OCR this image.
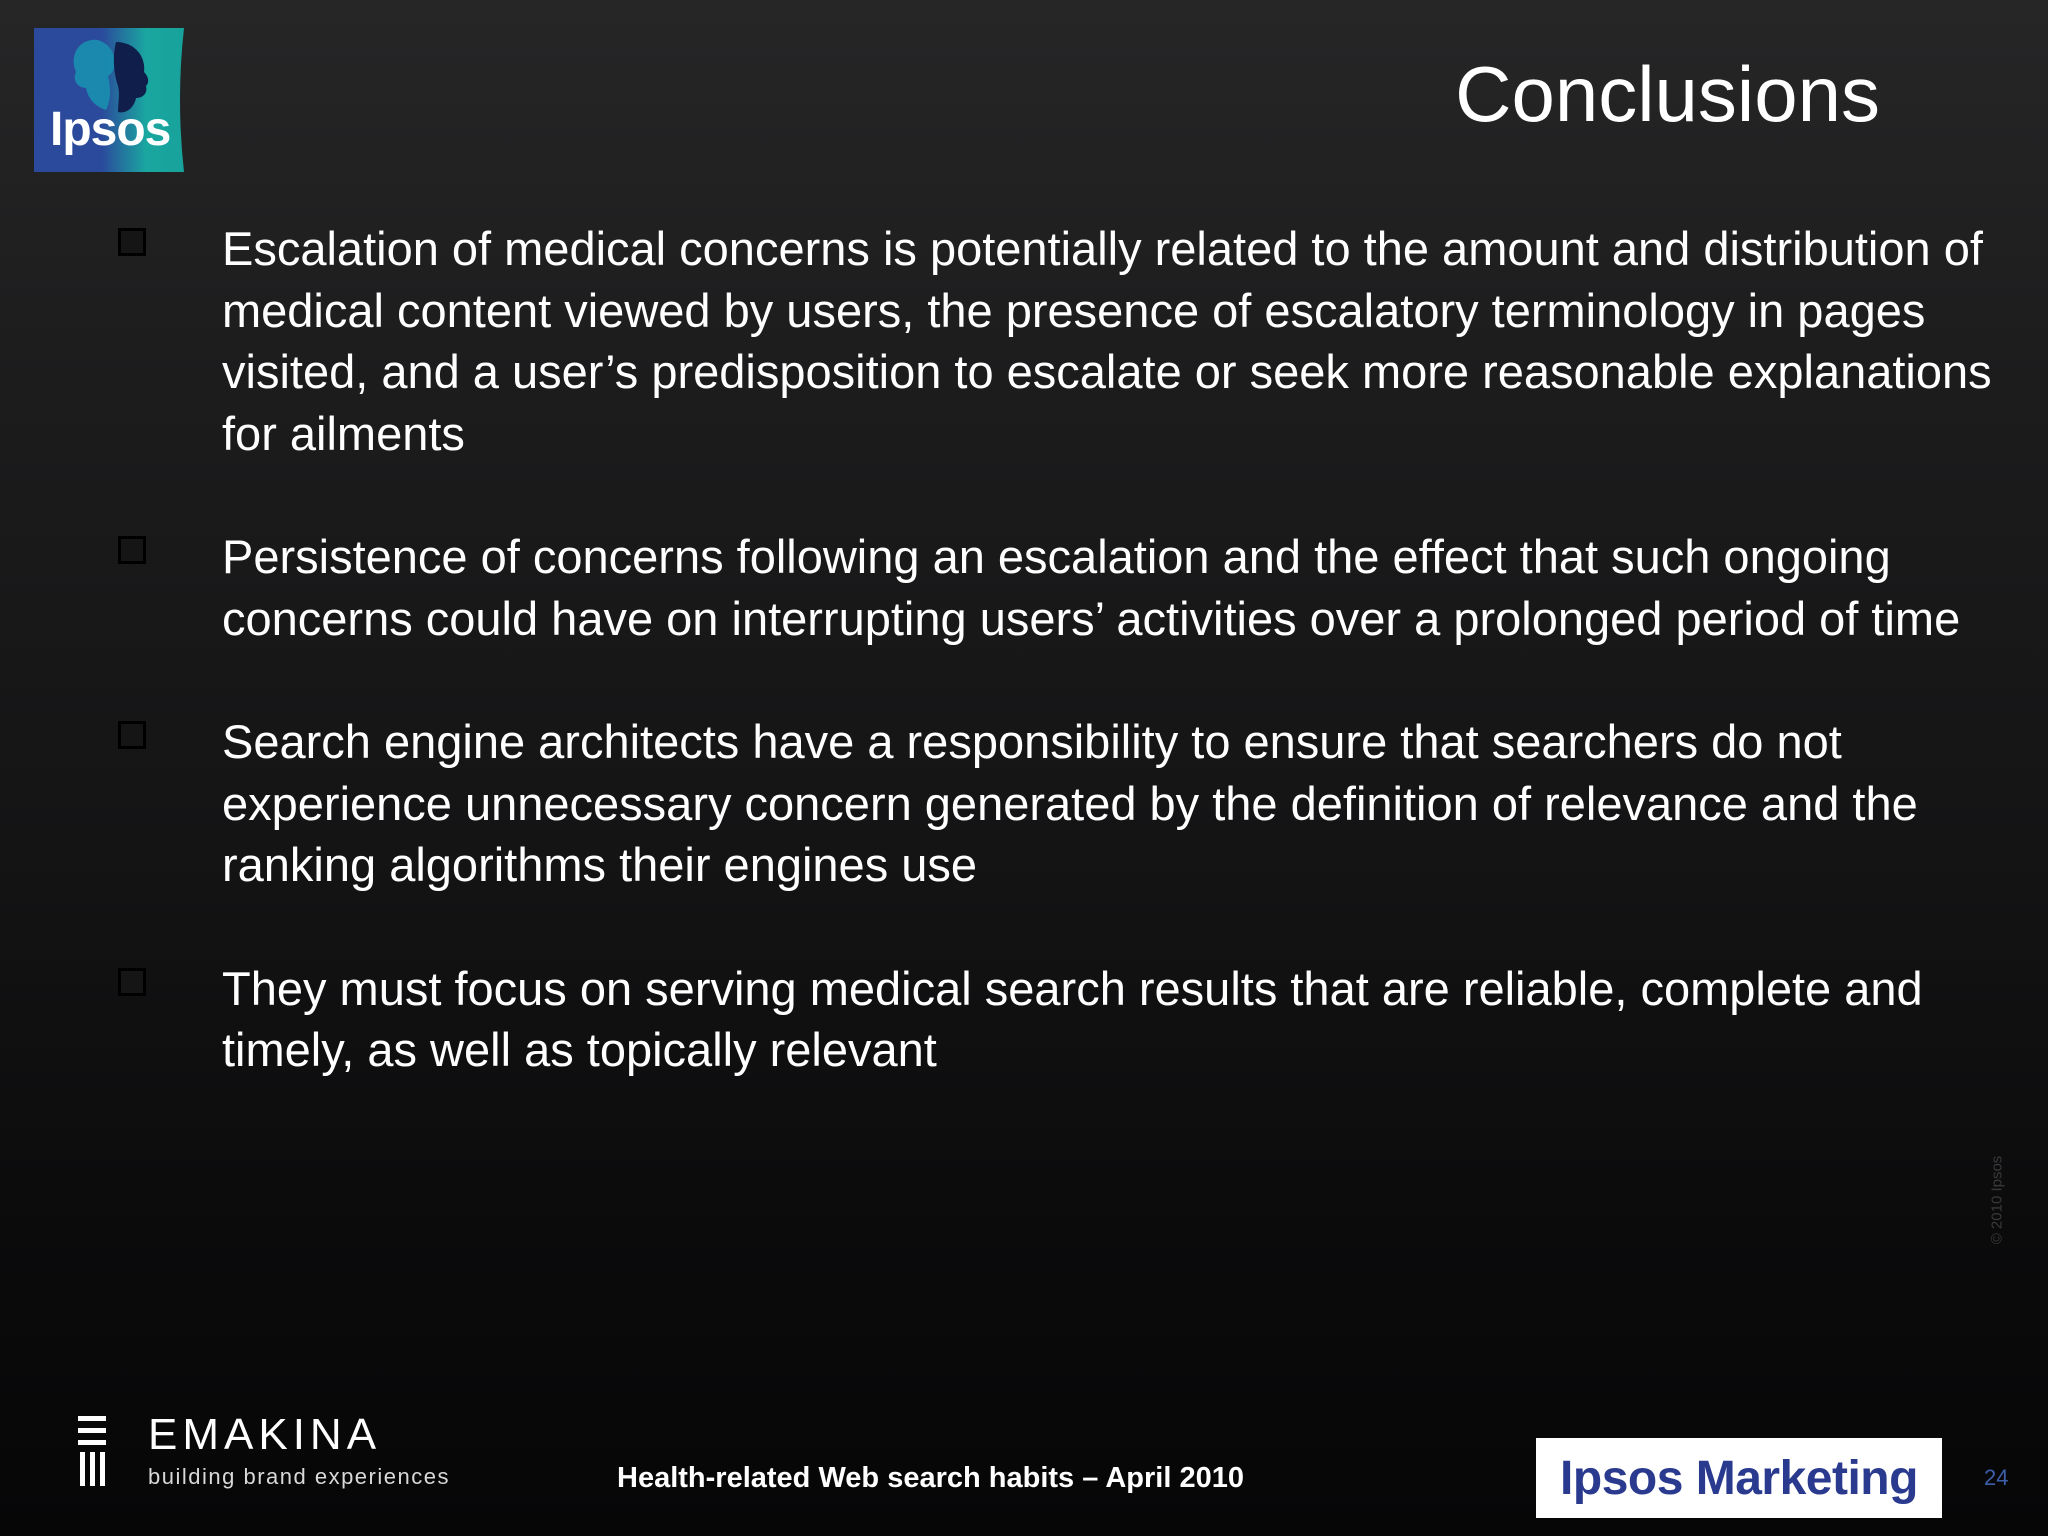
Ipsos	Conclusions
Escalation of medical concerns is potentially related to the amount and distribution of medical content viewed by users, the presence of escalatory terminology in pages visited, and a user’s predisposition to escalate or seek more reasonable explanations for ailments
Persistence of concerns following an escalation and the effect that such ongoing concerns could have on interrupting users’ activities over a prolonged period of time
Search engine architects have a responsibility to ensure that searchers do not experience unnecessary concern generated by the definition of relevance and the ranking algorithms their engines use
They must focus on serving medical search results that are reliable, complete and timely, as well as topically relevant
© 2010 Ipsos
EMAKINA
building brand experiences	Health-related Web search habits – April 2010	Ipsos Marketing	24
